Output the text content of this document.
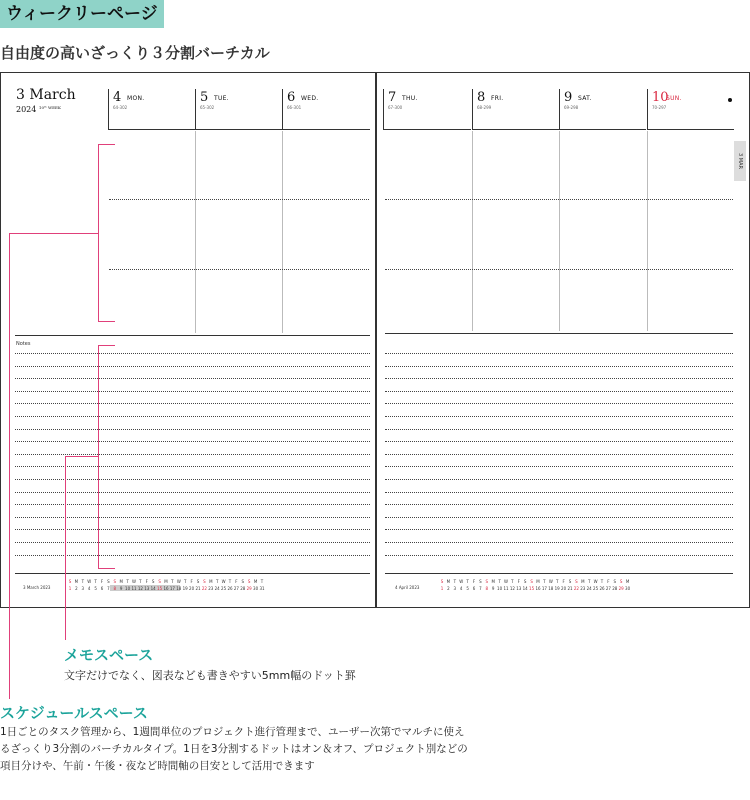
ウィークリーページ
自由度の高いざっくり３分割バーチカル
3 March
2024 $^{10ᵗʰ WEEK}$
4 MON.
64-302
5 TUE.
65-302
6 WED.
66-301
7 THU.
67-300
8 FRI.
68-299
9 SAT.
69-298
10
SUN.
70-297
3 MAR
Notes
3 March 2023	4 April 2023
S
1
M
2
T
3
W
4
T
5
F
6
S
7
S
8
M
9
T
10
W
11
T
12
F
13
S
14
S
15
M
16
T
17
W
18
T
19
F
20
S
21
S
22
M
23
T
24
W
25
T
26
F
27
S
28
S
29
M
30
T
31
S
1
M
2
T
3
W
4
T
5
F
6
S
7
S
8
M
9
T
10
W
11
T
12
F
13
S
14
S
15
M
16
T
17
W
18
T
19
F
20
S
21
S
22
M
23
T
24
W
25
T
26
F
27
S
28
S
29
M
30
メモスペース
文字だけでなく、図表なども書きやすい5mm幅のドット罫
スケジュールスペース
1日ごとのタスク管理から、1週間単位のプロジェクト進行管理まで、ユーザー次第でマルチに使えるざっくり3分割のバーチカルタイプ。1日を3分割するドットはオン＆オフ、プロジェクト別などの項目分けや、午前・午後・夜など時間軸の目安として活用できます
